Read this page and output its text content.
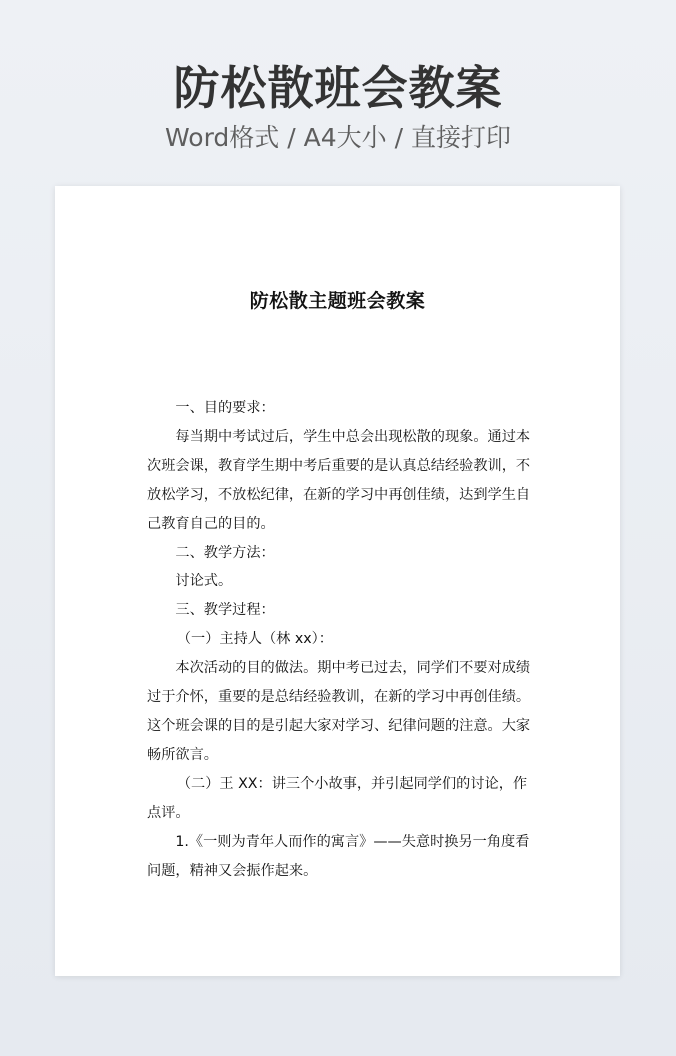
防松散班会教案
Word格式 / A4大小 / 直接打印
防松散主题班会教案

一、目的要求：

每当期中考试过后，学生中总会出现松散的现象。通过本次班会课，教育学生期中考后重要的是认真总结经验教训，不放松学习，不放松纪律，在新的学习中再创佳绩，达到学生自己教育自己的目的。

二、教学方法：

讨论式。

三、教学过程：

（一）主持人（林 xx）：

本次活动的目的做法。期中考已过去，同学们不要对成绩过于介怀，重要的是总结经验教训，在新的学习中再创佳绩。这个班会课的目的是引起大家对学习、纪律问题的注意。大家畅所欲言。

（二）王 XX：讲三个小故事，并引起同学们的讨论，作点评。

1.《一则为青年人而作的寓言》——失意时换另一角度看问题，精神又会振作起来。
